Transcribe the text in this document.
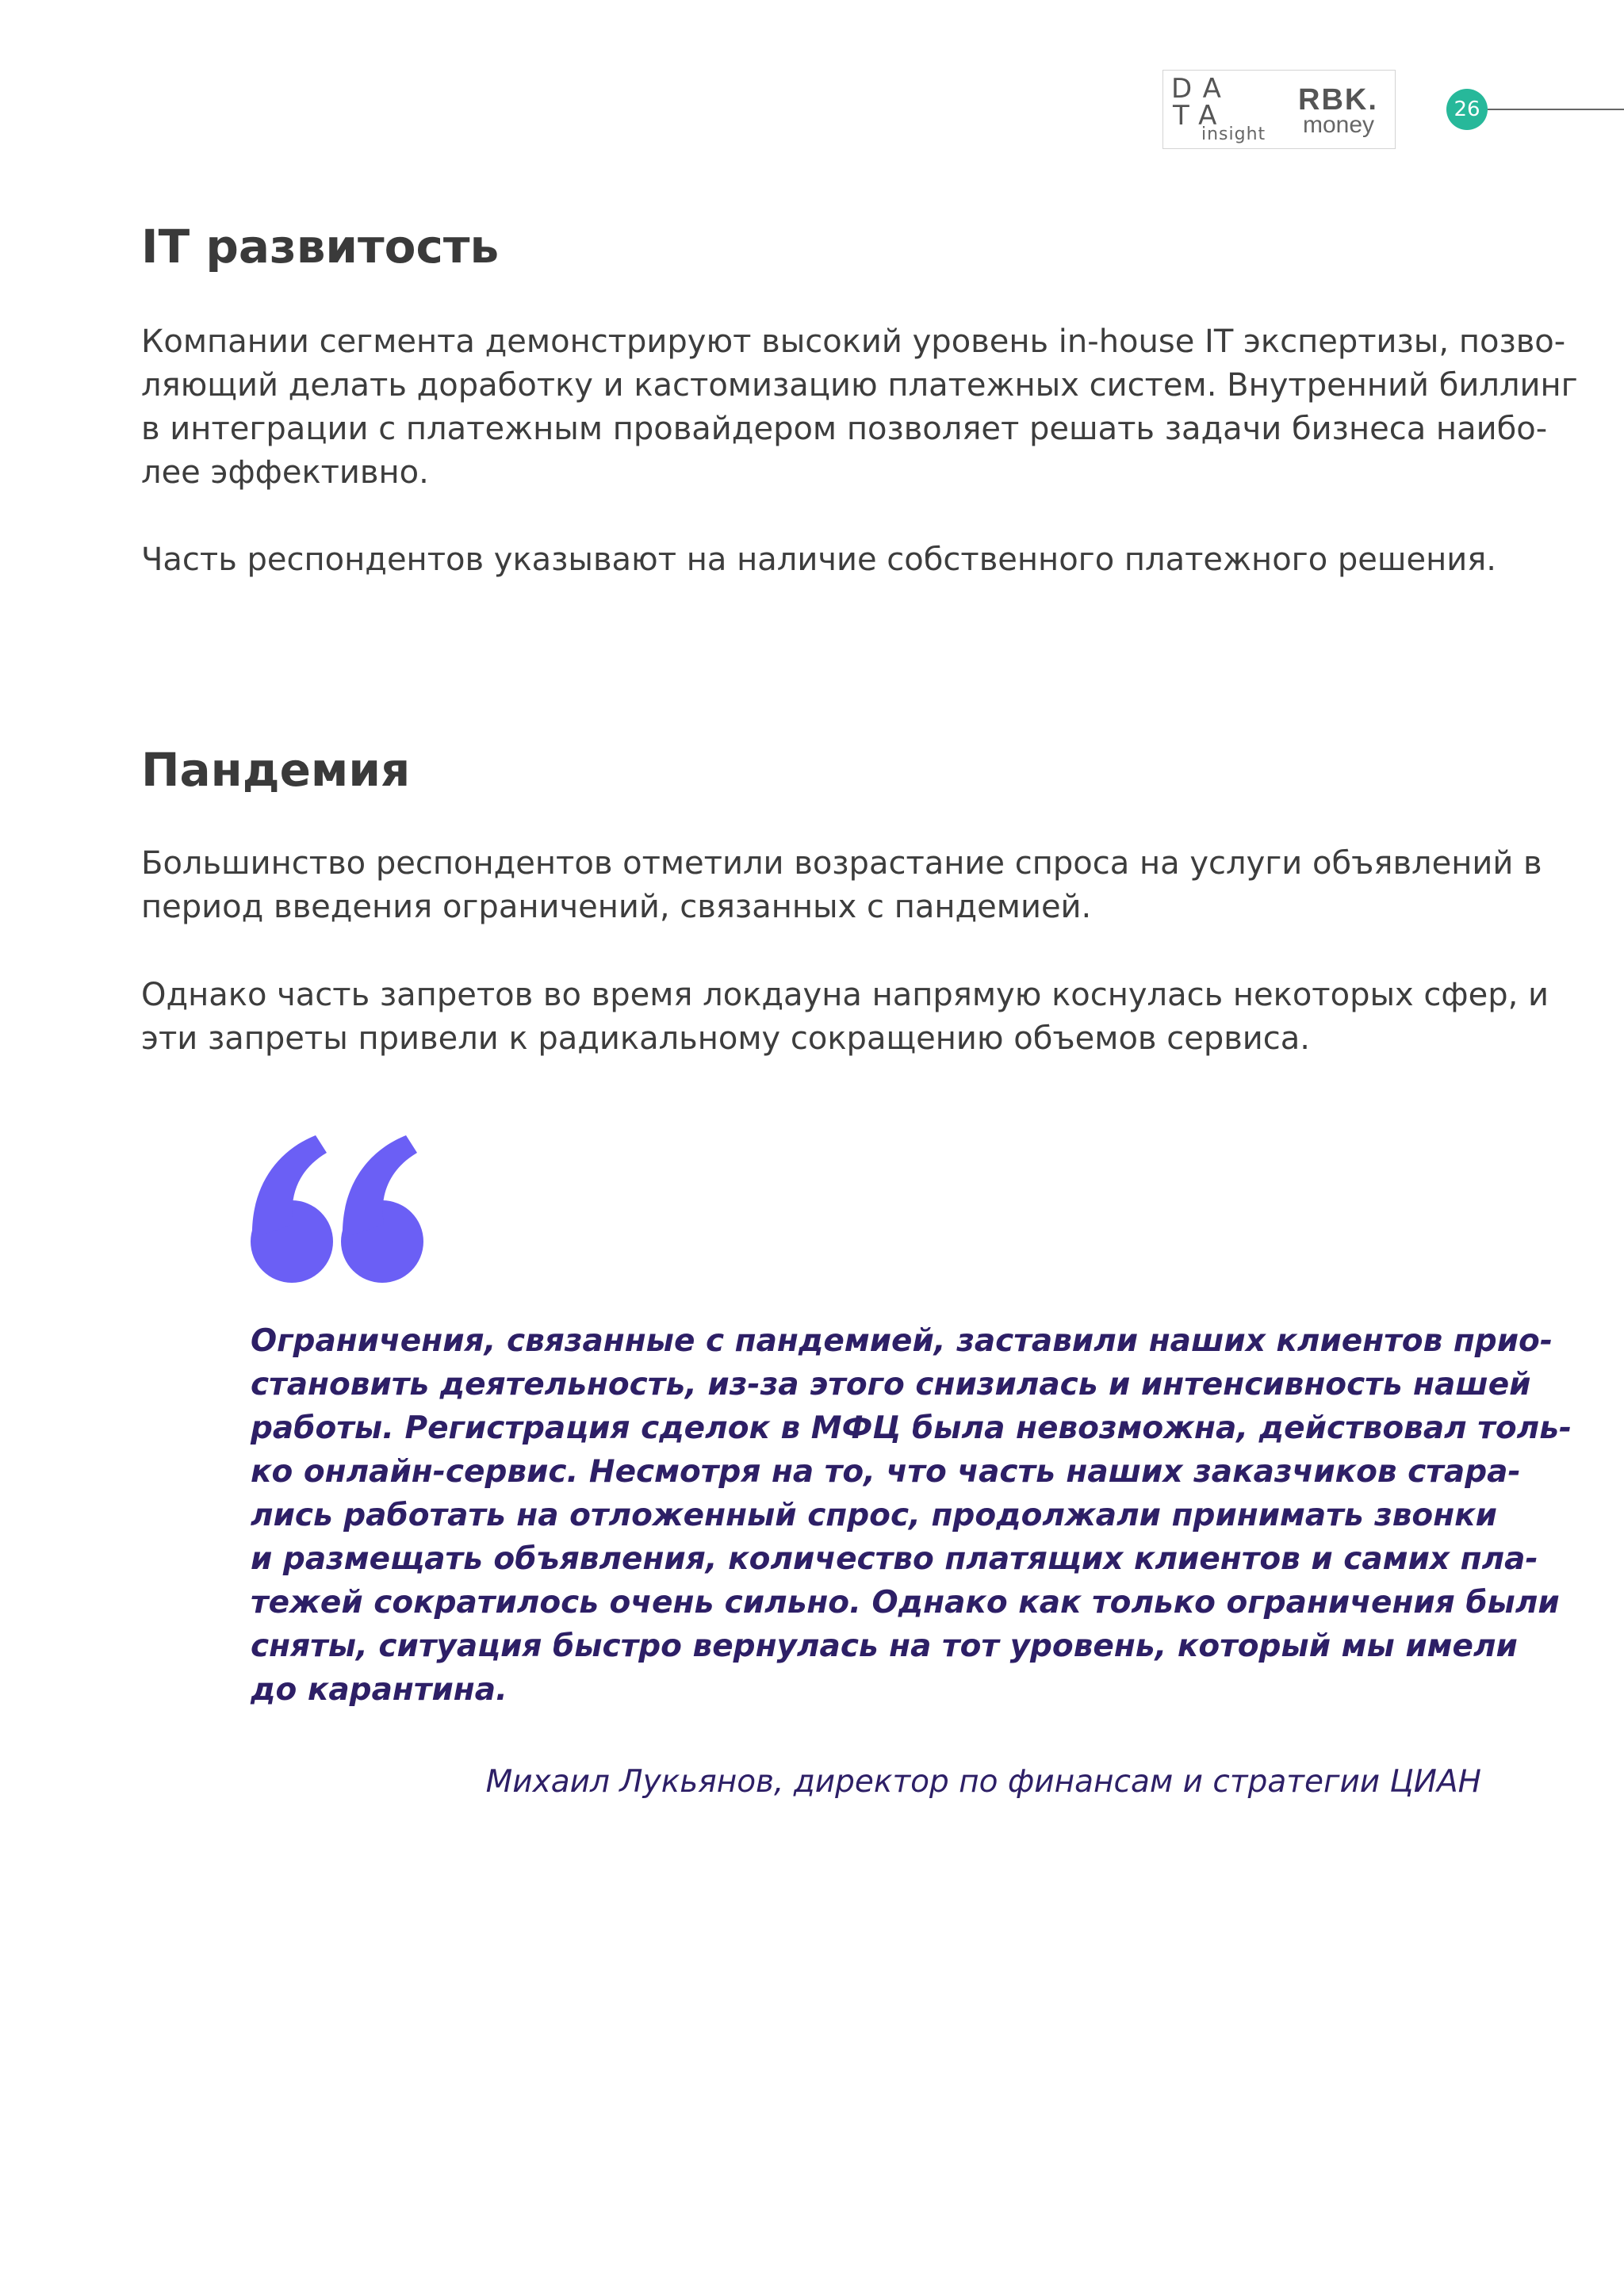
DA
TA
insight
RBK.
money
26
IT развитость

Компании сегмента демонстрируют высокий уровень in-house IT экспертизы, позво-
ляющий делать доработку и кастомизацию платежных систем. Внутренний биллинг
в интеграции с платежным провайдером позволяет решать задачи бизнеса наибо-
лее эффективно.

Часть респондентов указывают на наличие собственного платежного решения.

Пандемия

Большинство респондентов отметили возрастание спроса на услуги объявлений в
период введения ограничений, связанных с пандемией.

Однако часть запретов во время локдауна напрямую коснулась некоторых сфер, и
эти запреты привели к радикальному сокращению объемов сервиса.

Ограничения, связанные с пандемией, заставили наших клиентов прио-
становить деятельность, из-за этого снизилась и интенсивность нашей
работы. Регистрация сделок в МФЦ была невозможна, действовал толь-
ко онлайн-сервис. Несмотря на то, что часть наших заказчиков стара-
лись работать на отложенный спрос, продолжали принимать звонки
и размещать объявления, количество платящих клиентов и самих пла-
тежей сократилось очень сильно. Однако как только ограничения были
сняты, ситуация быстро вернулась на тот уровень, который мы имели
до карантина.

Михаил Лукьянов, директор по финансам и стратегии ЦИАН
